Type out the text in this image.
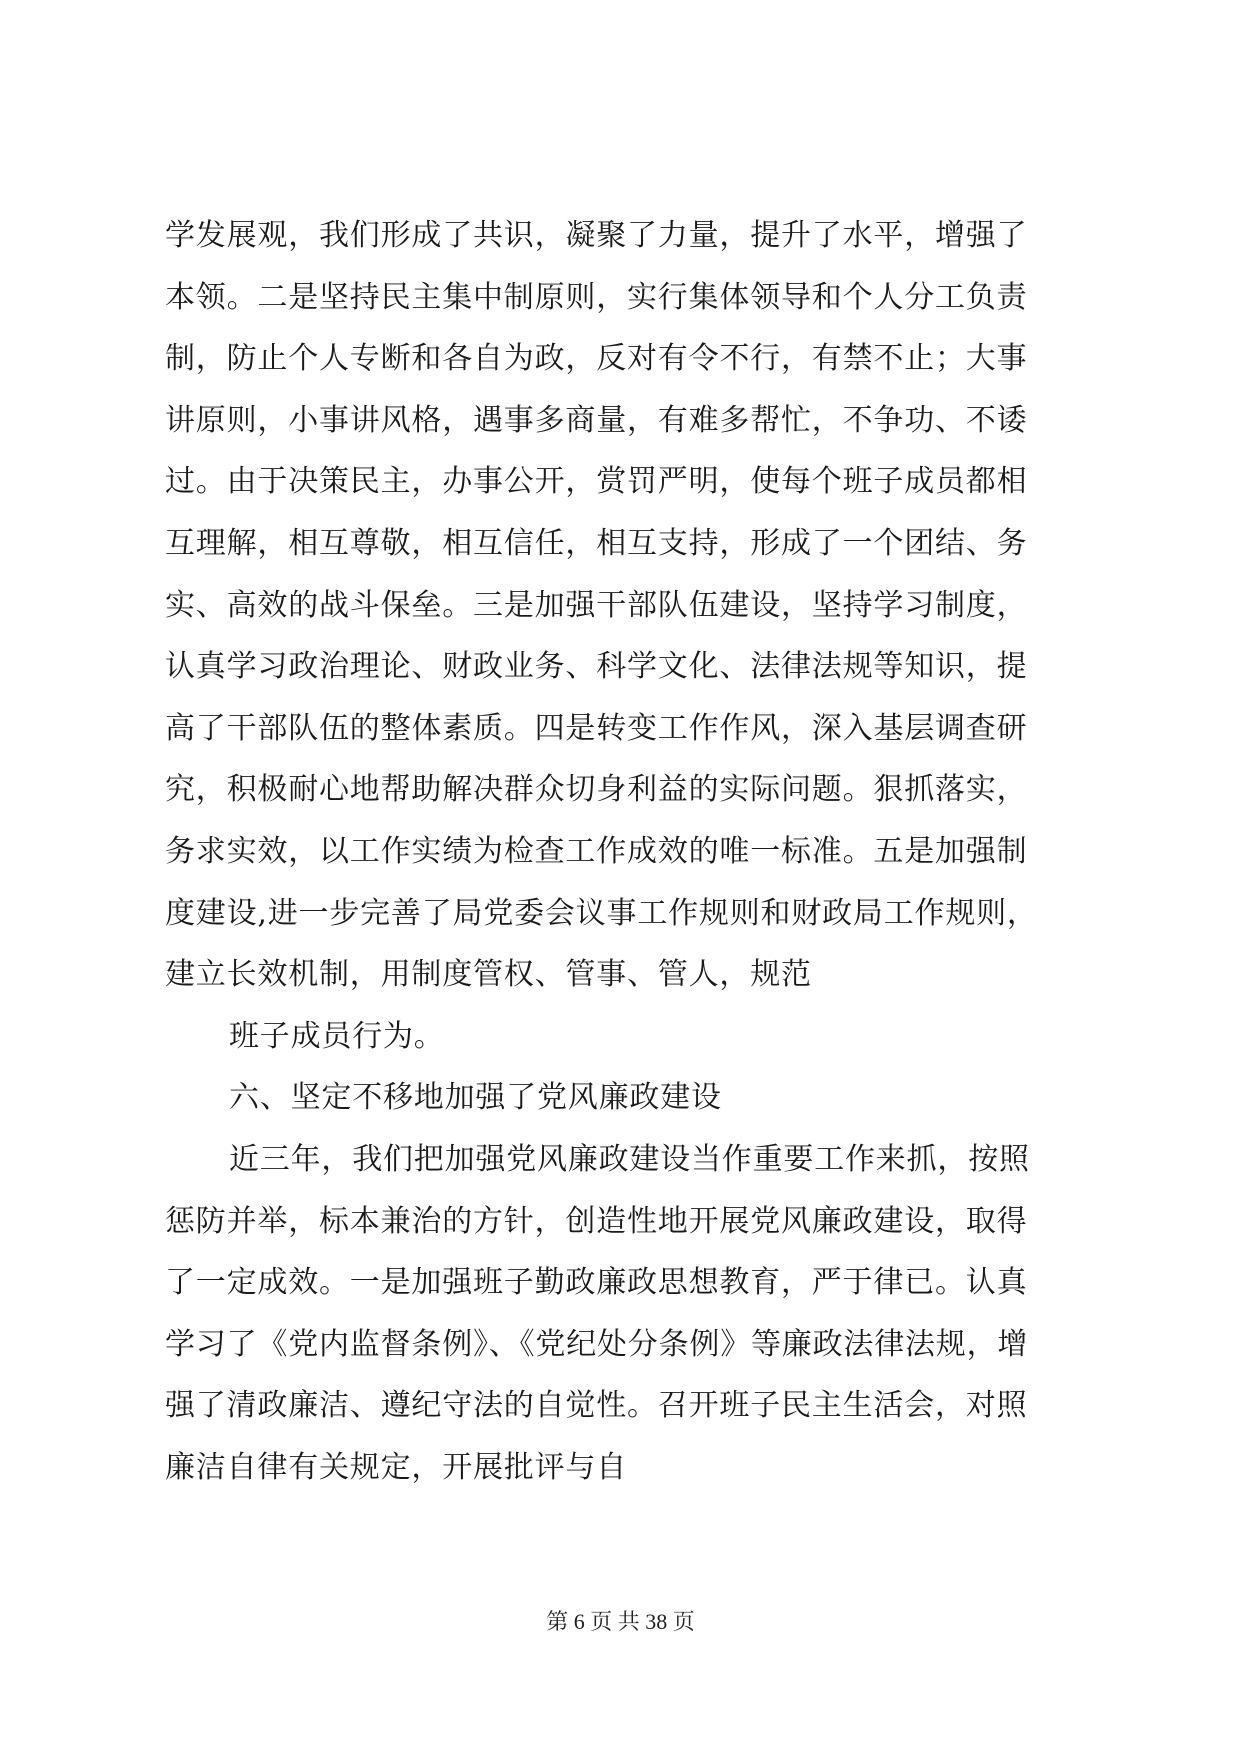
学发展观，我们形成了共识，凝聚了力量，提升了水平，增强了
本领。二是坚持民主集中制原则，实行集体领导和个人分工负责
制，防止个人专断和各自为政，反对有令不行，有禁不止；大事
讲原则，小事讲风格，遇事多商量，有难多帮忙，不争功、不诿
过。由于决策民主，办事公开，赏罚严明，使每个班子成员都相
互理解，相互尊敬，相互信任，相互支持，形成了一个团结、务
实、高效的战斗保垒。三是加强干部队伍建设，坚持学习制度，
认真学习政治理论、财政业务、科学文化、法律法规等知识，提
高了干部队伍的整体素质。四是转变工作作风，深入基层调查研
究，积极耐心地帮助解决群众切身利益的实际问题。狠抓落实，
务求实效，以工作实绩为检查工作成效的唯一标准。五是加强制
度建设,进一步完善了局党委会议事工作规则和财政局工作规则，
建立长效机制，用制度管权、管事、管人，规范
班子成员行为。
六、坚定不移地加强了党风廉政建设
近三年，我们把加强党风廉政建设当作重要工作来抓，按照
惩防并举，标本兼治的方针，创造性地开展党风廉政建设，取得
了一定成效。一是加强班子勤政廉政思想教育，严于律已。认真
学习了《党内监督条例》、《党纪处分条例》等廉政法律法规，增
强了清政廉洁、遵纪守法的自觉性。召开班子民主生活会，对照
廉洁自律有关规定，开展批评与自
第 6 页 共 38 页
